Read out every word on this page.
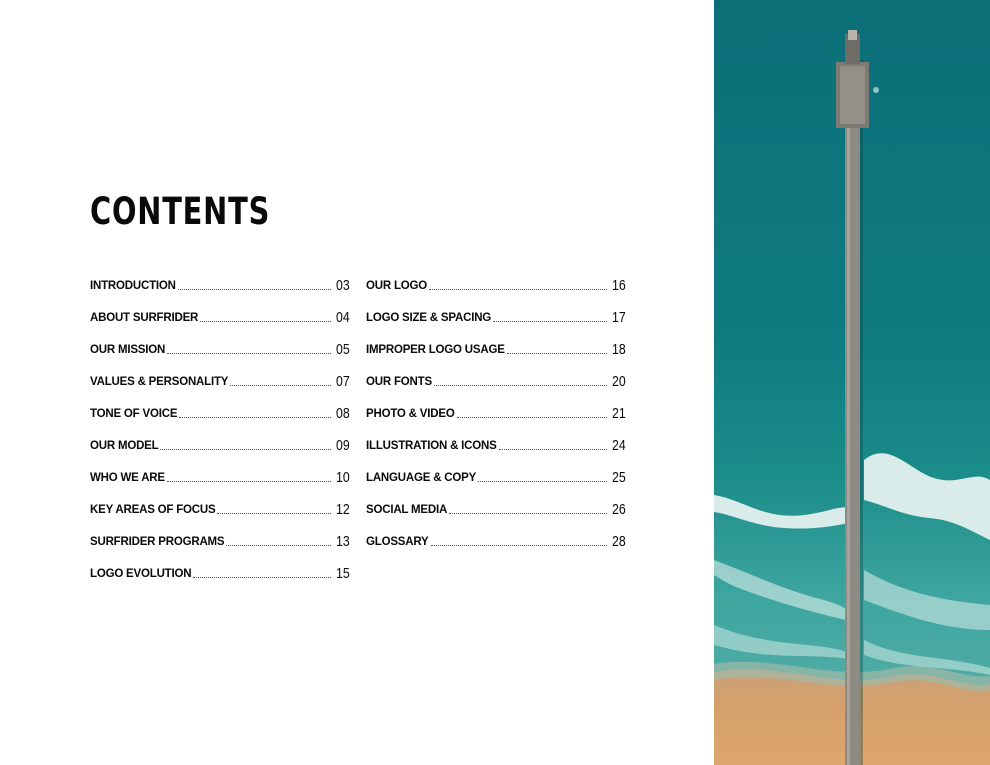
CONTENTS
INTRODUCTION	03
ABOUT SURFRIDER	04
OUR MISSION	05
VALUES & PERSONALITY	07
TONE OF VOICE	08
OUR MODEL	09
WHO WE ARE	10
KEY AREAS OF FOCUS	12
SURFRIDER PROGRAMS	13
LOGO EVOLUTION	15
OUR LOGO	16
LOGO SIZE & SPACING	17
IMPROPER LOGO USAGE	18
OUR FONTS	20
PHOTO & VIDEO	21
ILLUSTRATION & ICONS	24
LANGUAGE & COPY	25
SOCIAL MEDIA	26
GLOSSARY	28
